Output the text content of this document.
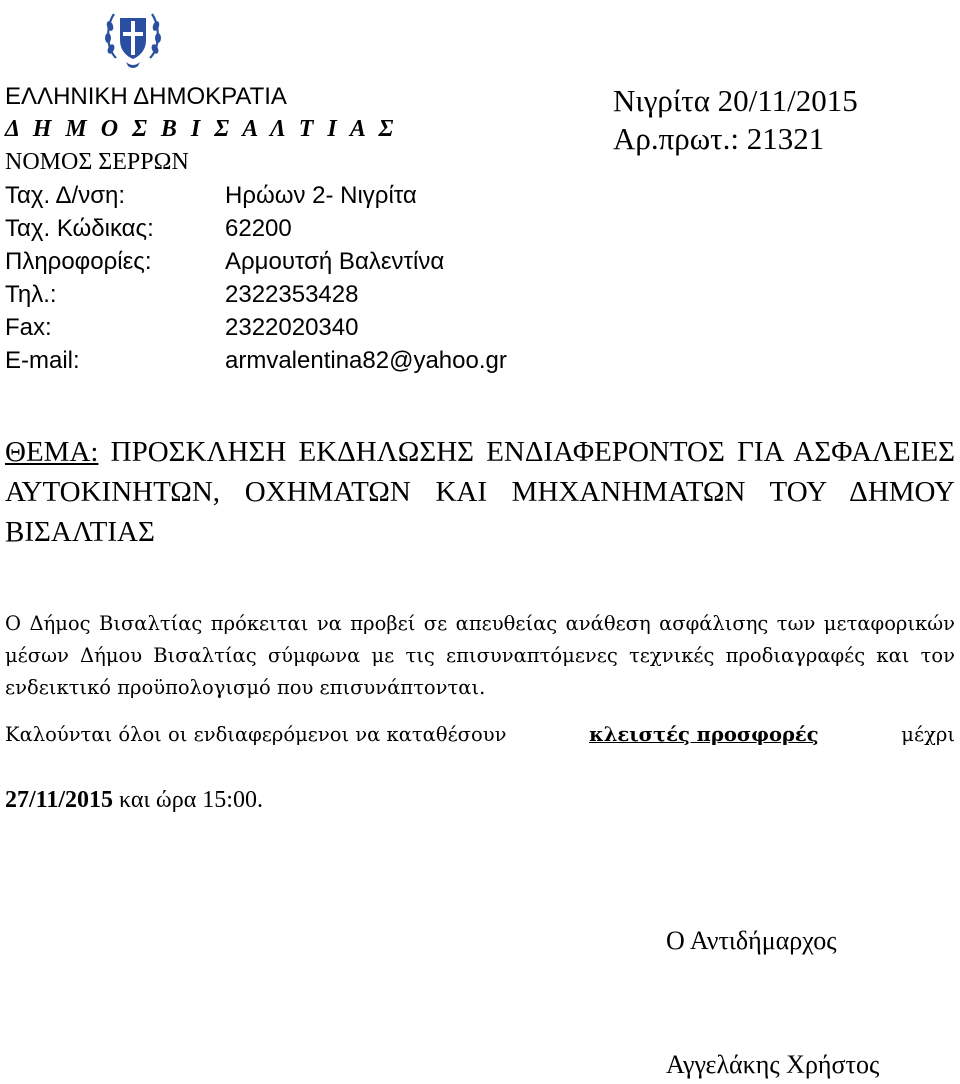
ΕΛΛΗΝΙΚΗ ΔΗΜΟΚΡΑΤΙΑ
Δ Η Μ Ο Σ Β Ι Σ Α Λ Τ Ι Α Σ
ΝΟΜΟΣ ΣΕΡΡΩΝ
Ταχ. Δ/νση:	Ηρώων 2- Νιγρίτα
Ταχ. Κώδικας:	62200
Πληροφορίες:	Αρμουτσή Βαλεντίνα
Τηλ.:	2322353428
Fax:	2322020340
E-mail:	armvalentina82@yahoo.gr
Νιγρίτα 20/11/2015
Αρ.πρωτ.: 21321
ΘΕΜΑ: ΠΡΟΣΚΛΗΣΗ ΕΚΔΗΛΩΣΗΣ ΕΝΔΙΑΦΕΡΟΝΤΟΣ ΓΙΑ ΑΣΦΑΛΕΙΕΣ ΑΥΤΟΚΙΝΗΤΩΝ, ΟΧΗΜΑΤΩΝ ΚΑΙ ΜΗΧΑΝΗΜΑΤΩΝ ΤΟΥ ΔΗΜΟΥ ΒΙΣΑΛΤΙΑΣ
Ο Δήμος Βισαλτίας πρόκειται να προβεί σε απευθείας ανάθεση ασφάλισης των μεταφορικών μέσων Δήμου Βισαλτίας σύμφωνα με τις επισυναπτόμενες τεχνικές προδιαγραφές και τον ενδεικτικό προϋπολογισμό που επισυνάπτονται.
Καλούνται όλοι οι ενδιαφερόμενοι να καταθέσουν	κλειστές προσφορές	μέχρι
27/11/2015 και ώρα 15:00.
Ο Αντιδήμαρχος
Αγγελάκης Χρήστος
